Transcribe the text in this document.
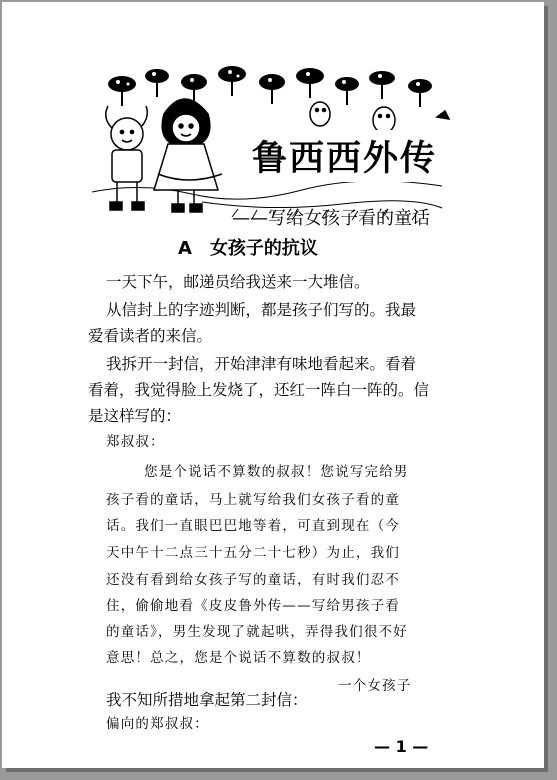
鲁西西外传
——写给女孩子看的童话
A 女孩子的抗议
一天下午，邮递员给我送来一大堆信。
从信封上的字迹判断，都是孩子们写的。我最
爱看读者的来信。
我拆开一封信，开始津津有味地看起来。看着
看着，我觉得脸上发烧了，还红一阵白一阵的。信
是这样写的：
郑叔叔：
您是个说话不算数的叔叔！您说写完给男
孩子看的童话，马上就写给我们女孩子看的童
话。我们一直眼巴巴地等着，可直到现在（今
天中午十二点三十五分二十七秒）为止，我们
还没有看到给女孩子写的童话，有时我们忍不
住，偷偷地看《皮皮鲁外传——写给男孩子看
的童话》，男生发现了就起哄，弄得我们很不好
意思！总之，您是个说话不算数的叔叔！
一个女孩子
我不知所措地拿起第二封信：
偏向的郑叔叔：
— 1 —
